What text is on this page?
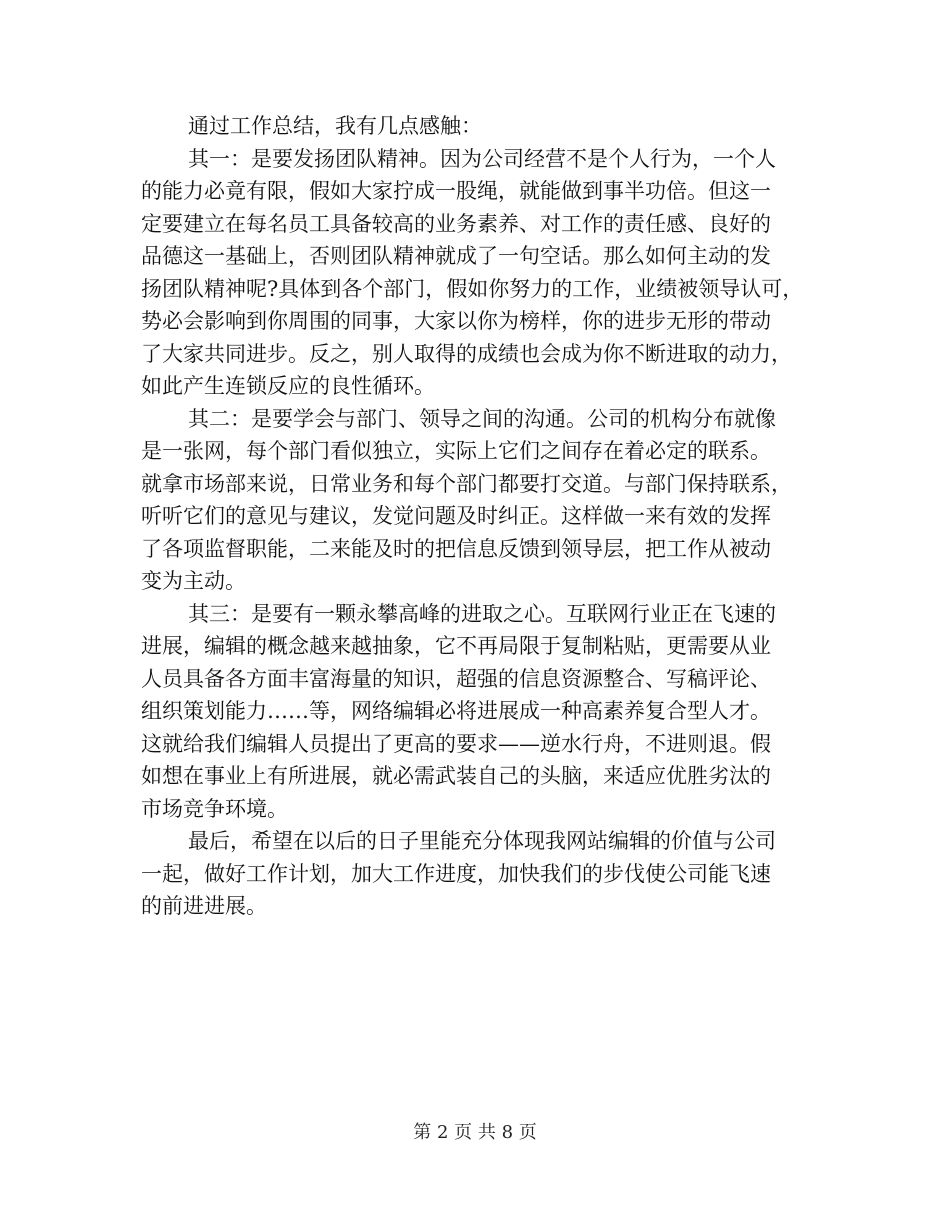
通过工作总结，我有几点感触：
其一：是要发扬团队精神。因为公司经营不是个人行为，一个人
的能力必竟有限，假如大家拧成一股绳，就能做到事半功倍。但这一
定要建立在每名员工具备较高的业务素养、对工作的责任感、良好的
品德这一基础上，否则团队精神就成了一句空话。那么如何主动的发
扬团队精神呢?具体到各个部门，假如你努力的工作，业绩被领导认可，
势必会影响到你周围的同事，大家以你为榜样，你的进步无形的带动
了大家共同进步。反之，别人取得的成绩也会成为你不断进取的动力，
如此产生连锁反应的良性循环。
其二：是要学会与部门、领导之间的沟通。公司的机构分布就像
是一张网，每个部门看似独立，实际上它们之间存在着必定的联系。
就拿市场部来说，日常业务和每个部门都要打交道。与部门保持联系，
听听它们的意见与建议，发觉问题及时纠正。这样做一来有效的发挥
了各项监督职能，二来能及时的把信息反馈到领导层，把工作从被动
变为主动。
其三：是要有一颗永攀高峰的进取之心。互联网行业正在飞速的
进展，编辑的概念越来越抽象，它不再局限于复制粘贴，更需要从业
人员具备各方面丰富海量的知识，超强的信息资源整合、写稿评论、
组织策划能力……等，网络编辑必将进展成一种高素养复合型人才。
这就给我们编辑人员提出了更高的要求——逆水行舟，不进则退。假
如想在事业上有所进展，就必需武装自己的头脑，来适应优胜劣汰的
市场竞争环境。
最后，希望在以后的日子里能充分体现我网站编辑的价值与公司
一起，做好工作计划，加大工作进度，加快我们的步伐使公司能飞速
的前进进展。
第 2 页 共 8 页
